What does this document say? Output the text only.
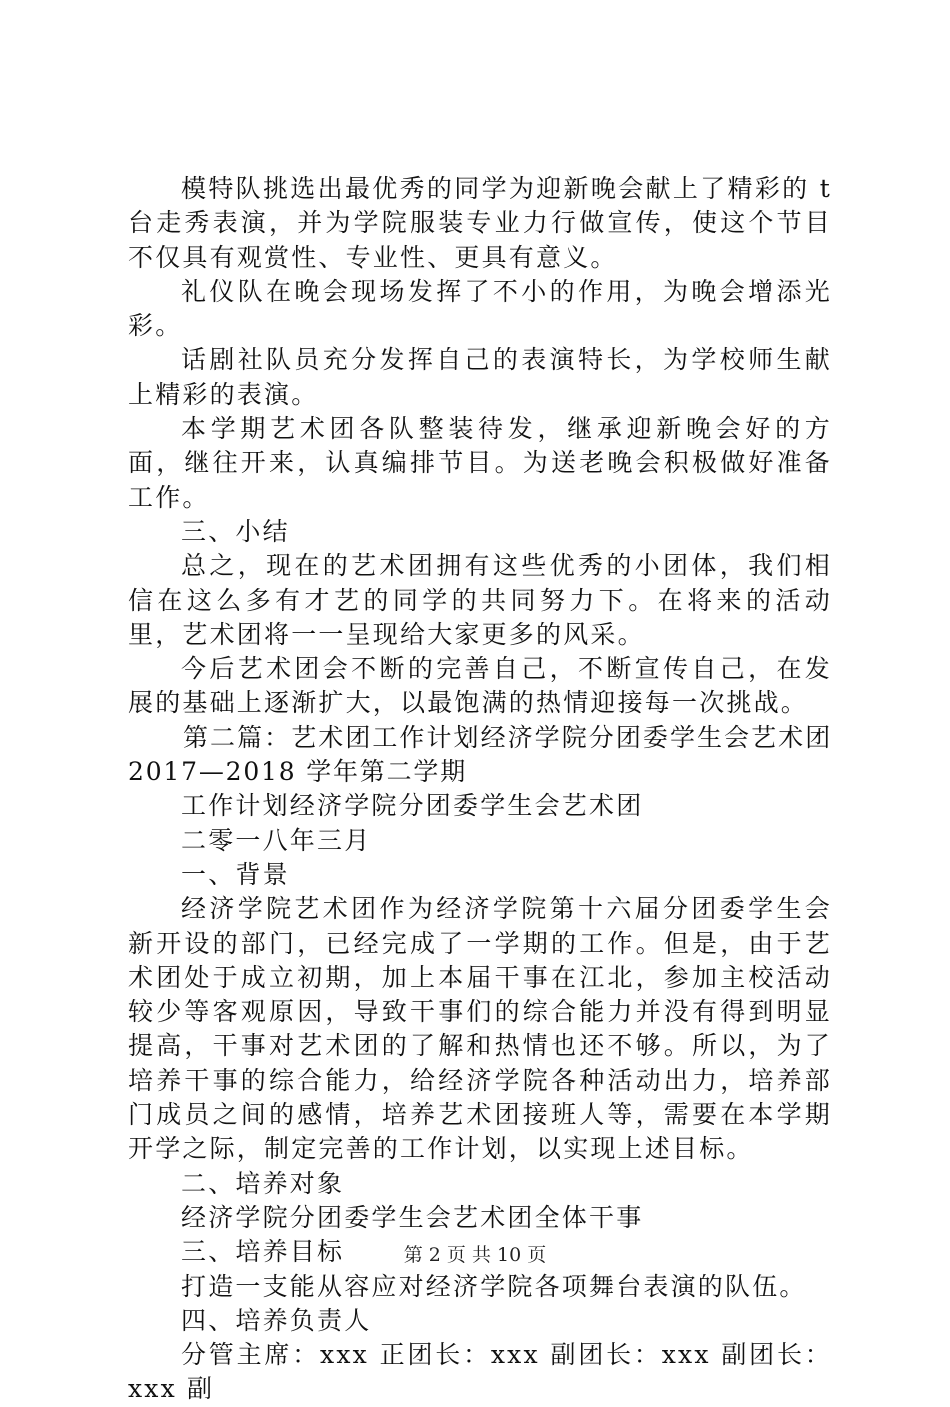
模特队挑选出最优秀的同学为迎新晚会献上了精彩的 t 台走秀表演，并为学院服装专业力行做宣传，使这个节目不仅具有观赏性、专业性、更具有意义。

礼仪队在晚会现场发挥了不小的作用，为晚会增添光彩。

话剧社队员充分发挥自己的表演特长，为学校师生献上精彩的表演。

本学期艺术团各队整装待发，继承迎新晚会好的方面，继往开来，认真编排节目。为送老晚会积极做好准备工作。

三、小结

总之，现在的艺术团拥有这些优秀的小团体，我们相信在这么多有才艺的同学的共同努力下。在将来的活动里，艺术团将一一呈现给大家更多的风采。

今后艺术团会不断的完善自己，不断宣传自己，在发展的基础上逐渐扩大，以最饱满的热情迎接每一次挑战。

第二篇：艺术团工作计划经济学院分团委学生会艺术团 2017—2018 学年第二学期

工作计划经济学院分团委学生会艺术团

二零一八年三月

一、背景

经济学院艺术团作为经济学院第十六届分团委学生会新开设的部门，已经完成了一学期的工作。但是，由于艺术团处于成立初期，加上本届干事在江北，参加主校活动较少等客观原因，导致干事们的综合能力并没有得到明显提高，干事对艺术团的了解和热情也还不够。所以，为了培养干事的综合能力，给经济学院各种活动出力，培养部门成员之间的感情，培养艺术团接班人等，需要在本学期开学之际，制定完善的工作计划，以实现上述目标。

二、培养对象

经济学院分团委学生会艺术团全体干事

三、培养目标

打造一支能从容应对经济学院各项舞台表演的队伍。

四、培养负责人

分管主席：xxx 正团长：xxx 副团长：xxx 副团长：xxx 副

第 2 页 共 10 页
